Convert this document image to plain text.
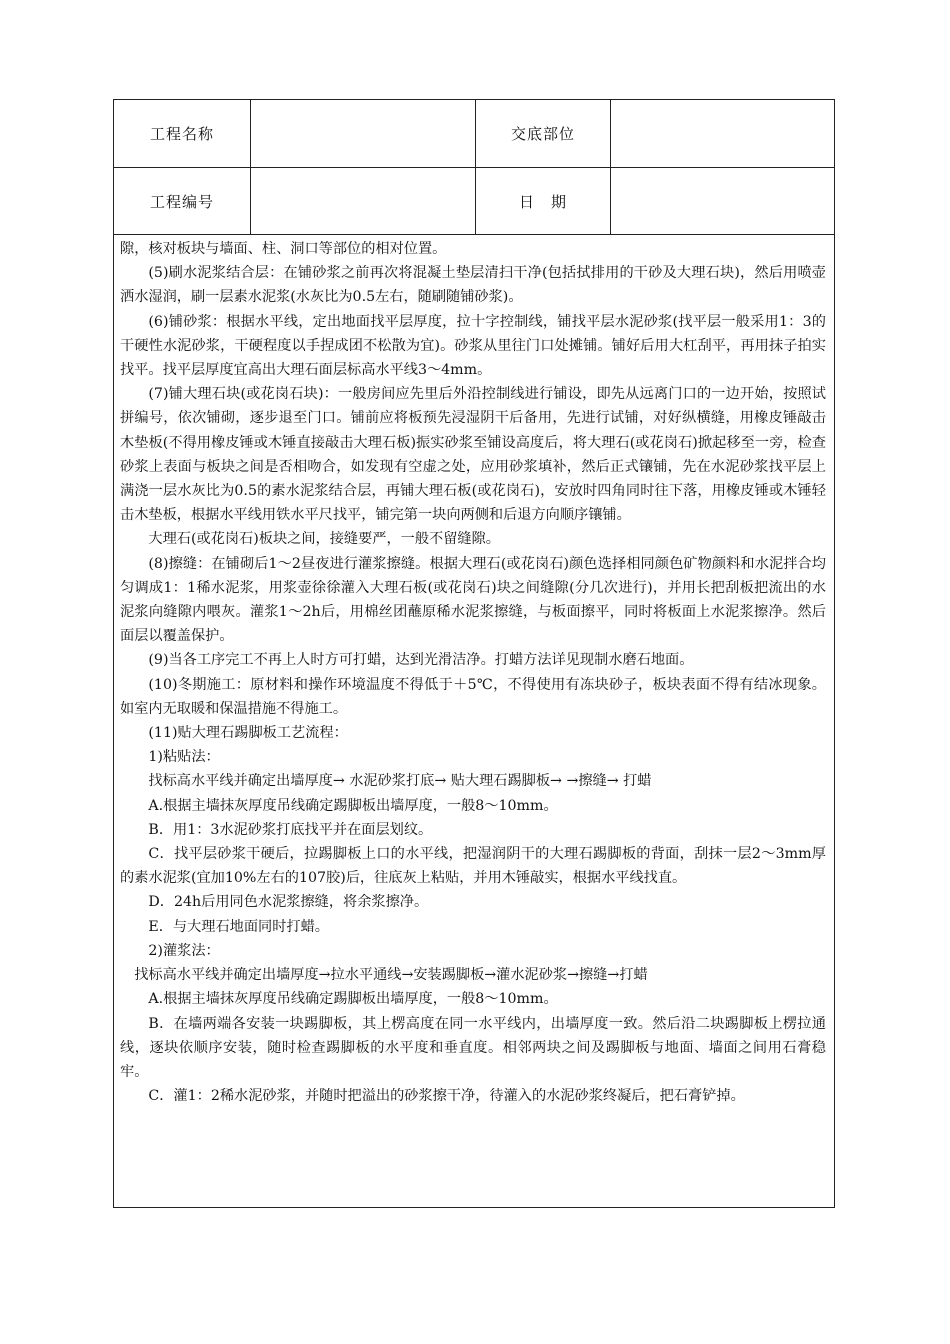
工程名称	交底部位
工程编号	日　期

隙，核对板块与墙面、柱、洞口等部位的相对位置。

(5)刷水泥浆结合层：在铺砂浆之前再次将混凝土垫层清扫干净(包括拭排用的干砂及大理石块)，然后用喷壶洒水湿润，刷一层素水泥浆(水灰比为0.5左右，随刷随铺砂浆)。

(6)铺砂浆：根据水平线，定出地面找平层厚度，拉十字控制线，铺找平层水泥砂浆(找平层一般采用1：3的干硬性水泥砂浆，干硬程度以手捏成团不松散为宜)。砂浆从里往门口处摊铺。铺好后用大杠刮平，再用抹子拍实找平。找平层厚度宜高出大理石面层标高水平线3～4mm。

(7)铺大理石块(或花岗石块)：一般房间应先里后外沿控制线进行铺设，即先从远离门口的一边开始，按照试拼编号，依次铺砌，逐步退至门口。铺前应将板预先浸湿阴干后备用，先进行试铺，对好纵横缝，用橡皮锤敲击木垫板(不得用橡皮锤或木锤直接敲击大理石板)振实砂浆至铺设高度后，将大理石(或花岗石)掀起移至一旁，检查砂浆上表面与板块之间是否相吻合，如发现有空虚之处，应用砂浆填补，然后正式镶铺，先在水泥砂浆找平层上满浇一层水灰比为0.5的素水泥浆结合层，再铺大理石板(或花岗石)，安放时四角同时往下落，用橡皮锤或木锤轻击木垫板，根据水平线用铁水平尺找平，铺完第一块向两侧和后退方向顺序镶铺。

大理石(或花岗石)板块之间，接缝要严，一般不留缝隙。

(8)擦缝：在铺砌后1～2昼夜进行灌浆擦缝。根据大理石(或花岗石)颜色选择相同颜色矿物颜料和水泥拌合均匀调成1：1稀水泥浆，用浆壶徐徐灌入大理石板(或花岗石)块之间缝隙(分几次进行)，并用长把刮板把流出的水泥浆向缝隙内喂灰。灌浆1～2h后，用棉丝团蘸原稀水泥浆擦缝，与板面擦平，同时将板面上水泥浆擦净。然后面层以覆盖保护。

(9)当各工序完工不再上人时方可打蜡，达到光滑洁净。打蜡方法详见现制水磨石地面。

(10)冬期施工：原材料和操作环境温度不得低于＋5℃，不得使用有冻块砂子，板块表面不得有结冰现象。如室内无取暖和保温措施不得施工。

(11)贴大理石踢脚板工艺流程：

1)粘贴法：

找标高水平线并确定出墙厚度→ 水泥砂浆打底→ 贴大理石踢脚板→ →擦缝→ 打蜡

A.根据主墙抹灰厚度吊线确定踢脚板出墙厚度，一般8～10mm。

B．用1：3水泥砂浆打底找平并在面层划纹。

C．找平层砂浆干硬后，拉踢脚板上口的水平线，把湿润阴干的大理石踢脚板的背面，刮抹一层2～3mm厚的素水泥浆(宜加10%左右的107胶)后，往底灰上粘贴，并用木锤敲实，根据水平线找直。

D．24h后用同色水泥浆擦缝，将余浆擦净。

E．与大理石地面同时打蜡。

2)灌浆法：

找标高水平线并确定出墙厚度→拉水平通线→安装踢脚板→灌水泥砂浆→擦缝→打蜡

A.根据主墙抹灰厚度吊线确定踢脚板出墙厚度，一般8～10mm。

B．在墙两端各安装一块踢脚板，其上楞高度在同一水平线内，出墙厚度一致。然后沿二块踢脚板上楞拉通线，逐块依顺序安装，随时检查踢脚板的水平度和垂直度。相邻两块之间及踢脚板与地面、墙面之间用石膏稳牢。

C．灌1：2稀水泥砂浆，并随时把溢出的砂浆擦干净，待灌入的水泥砂浆终凝后，把石膏铲掉。
